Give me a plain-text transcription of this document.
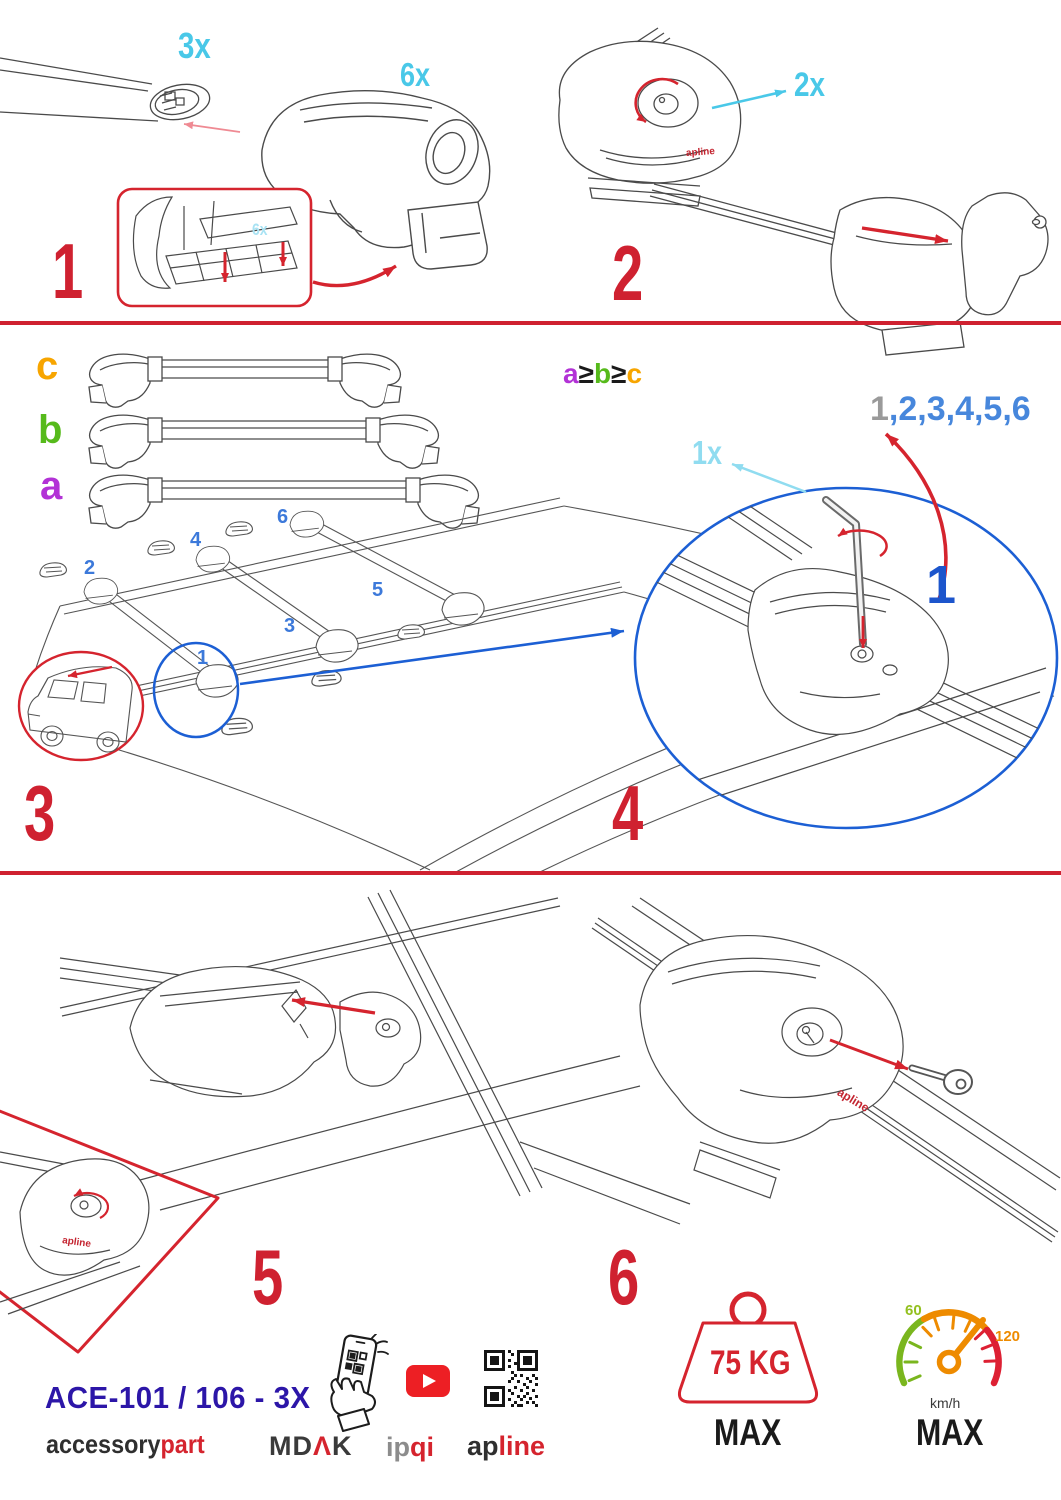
1	2
3	4
5	6
3x
6x
6x
2x
1x
c
b
a
a≥b≥c
1,2,3,4,5,6
1
2
3
4
5
6
1
apline
apline
apline
ACE-101 / 106 - 3X
accessorypart MDΛK ipqi apline
75 KG
MAX
60
120
km/h
MAX
